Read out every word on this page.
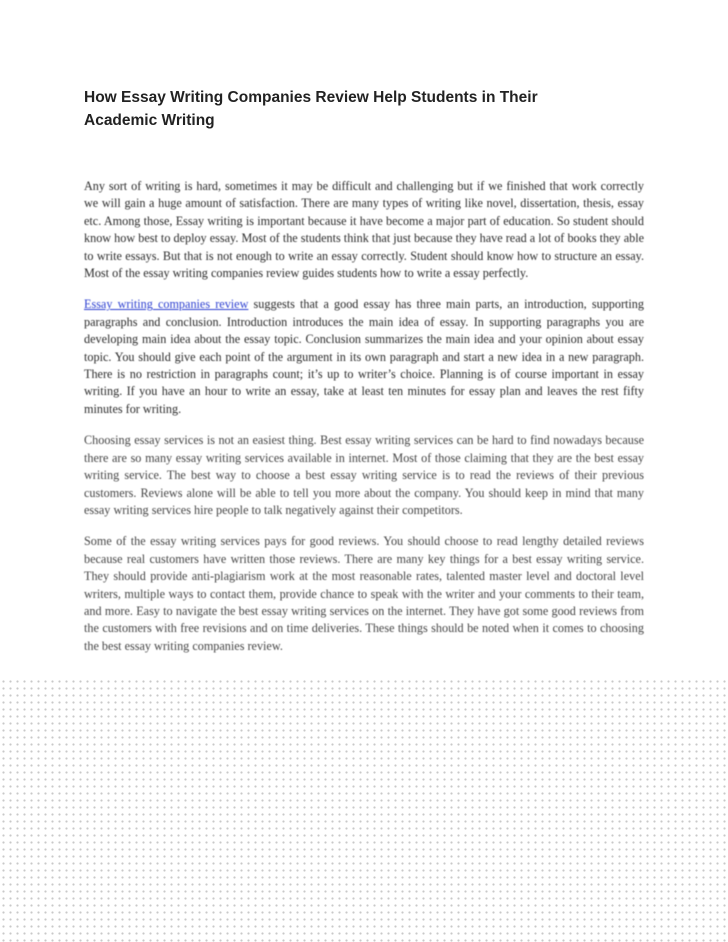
How Essay Writing Companies Review Help Students in Their Academic Writing

Any sort of writing is hard, sometimes it may be difficult and challenging but if we finished that work correctly we will gain a huge amount of satisfaction. There are many types of writing like novel, dissertation, thesis, essay etc. Among those, Essay writing is important because it have become a major part of education. So student should know how best to deploy essay. Most of the students think that just because they have read a lot of books they able to write essays. But that is not enough to write an essay correctly. Student should know how to structure an essay. Most of the essay writing companies review guides students how to write a essay perfectly.

Essay writing companies review suggests that a good essay has three main parts, an introduction, supporting paragraphs and conclusion. Introduction introduces the main idea of essay. In supporting paragraphs you are developing main idea about the essay topic. Conclusion summarizes the main idea and your opinion about essay topic. You should give each point of the argument in its own paragraph and start a new idea in a new paragraph. There is no restriction in paragraphs count; it’s up to writer’s choice. Planning is of course important in essay writing. If you have an hour to write an essay, take at least ten minutes for essay plan and leaves the rest fifty minutes for writing.

Choosing essay services is not an easiest thing. Best essay writing services can be hard to find nowadays because there are so many essay writing services available in internet. Most of those claiming that they are the best essay writing service. The best way to choose a best essay writing service is to read the reviews of their previous customers. Reviews alone will be able to tell you more about the company. You should keep in mind that many essay writing services hire people to talk negatively against their competitors.

Some of the essay writing services pays for good reviews. You should choose to read lengthy detailed reviews because real customers have written those reviews. There are many key things for a best essay writing service. They should provide anti-plagiarism work at the most reasonable rates, talented master level and doctoral level writers, multiple ways to contact them, provide chance to speak with the writer and your comments to their team, and more. Easy to navigate the best essay writing services on the internet. They have got some good reviews from the customers with free revisions and on time deliveries. These things should be noted when it comes to choosing the best essay writing companies review.
